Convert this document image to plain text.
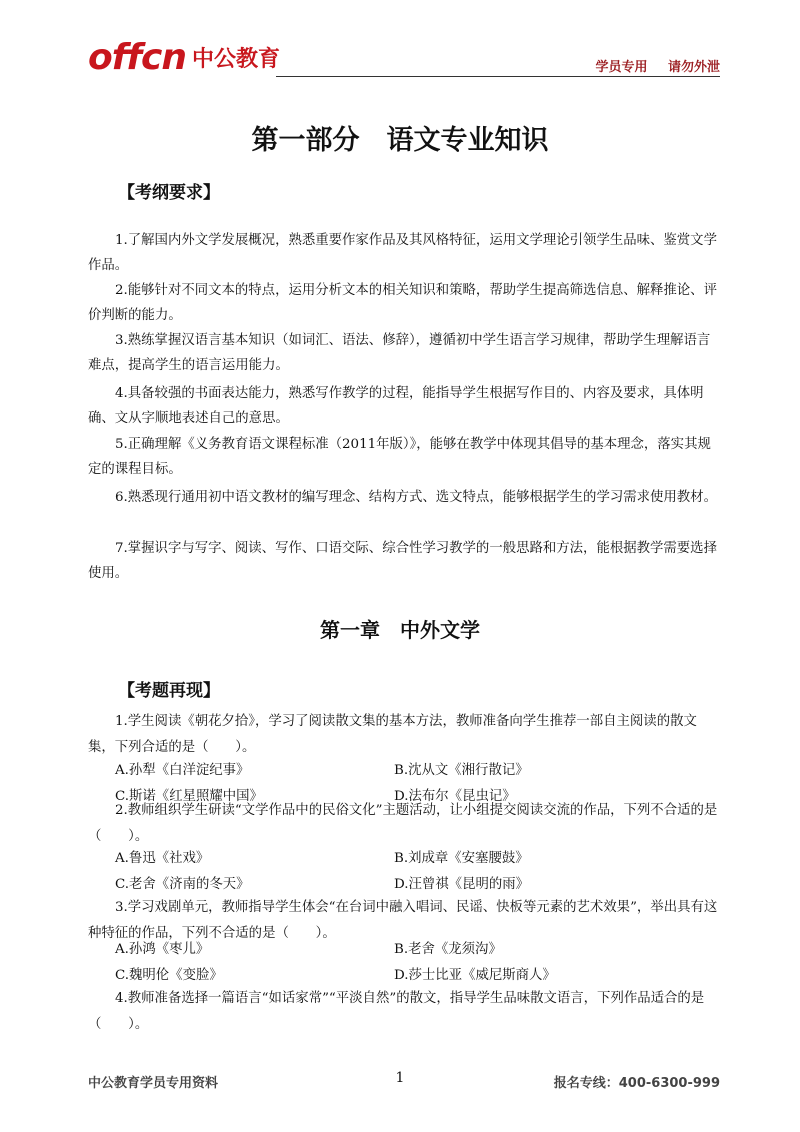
offcn 中公教育	学员专用 请勿外泄
第一部分　语文专业知识
【考纲要求】

1.了解国内外文学发展概况，熟悉重要作家作品及其风格特征，运用文学理论引领学生品味、鉴赏文学作品。

2.能够针对不同文本的特点，运用分析文本的相关知识和策略，帮助学生提高筛选信息、解释推论、评价判断的能力。

3.熟练掌握汉语言基本知识（如词汇、语法、修辞），遵循初中学生语言学习规律，帮助学生理解语言难点，提高学生的语言运用能力。

4.具备较强的书面表达能力，熟悉写作教学的过程，能指导学生根据写作目的、内容及要求，具体明确、文从字顺地表述自己的意思。

5.正确理解《义务教育语文课程标准（2011年版）》，能够在教学中体现其倡导的基本理念，落实其规定的课程目标。

6.熟悉现行通用初中语文教材的编写理念、结构方式、选文特点，能够根据学生的学习需求使用教材。

7.掌握识字与写字、阅读、写作、口语交际、综合性学习教学的一般思路和方法，能根据教学需要选择使用。

第一章　中外文学
【考题再现】

1.学生阅读《朝花夕拾》，学习了阅读散文集的基本方法，教师准备向学生推荐一部自主阅读的散文集，下列合适的是（　　）。

A.孙犁《白洋淀纪事》	B.沈从文《湘行散记》
C.斯诺《红星照耀中国》	D.法布尔《昆虫记》

2.教师组织学生研读“文学作品中的民俗文化”主题活动，让小组提交阅读交流的作品，下列不合适的是（　　）。

A.鲁迅《社戏》	B.刘成章《安塞腰鼓》
C.老舍《济南的冬天》	D.汪曾祺《昆明的雨》

3.学习戏剧单元，教师指导学生体会“在台词中融入唱词、民谣、快板等元素的艺术效果”，举出具有这种特征的作品，下列不合适的是（　　）。

A.孙鸿《枣儿》	B.老舍《龙须沟》
C.魏明伦《变脸》	D.莎士比亚《威尼斯商人》

4.教师准备选择一篇语言“如话家常”“平淡自然”的散文，指导学生品味散文语言，下列作品适合的是（　　）。

中公教育学员专用资料	1	报名专线：400-6300-999
